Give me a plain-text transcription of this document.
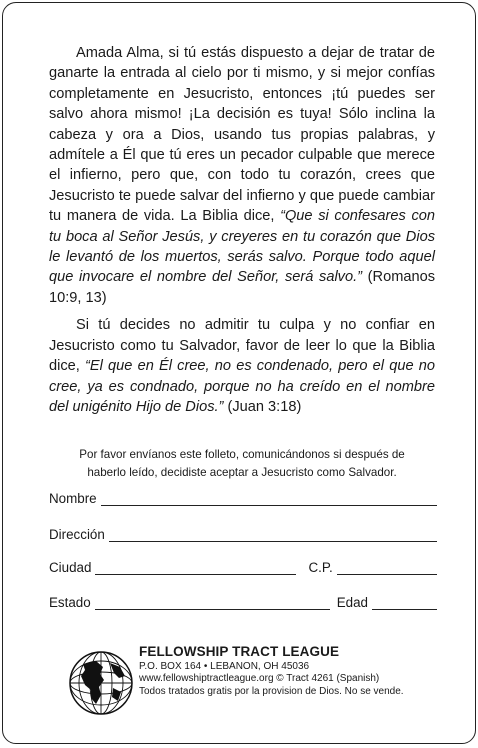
Amada Alma, si tú estás dispuesto a dejar de tratar de ganarte la entrada al cielo por ti mismo, y si mejor confías completamente en Jesucristo, entonces ¡tú puedes ser salvo ahora mismo! ¡La decisión es tuya! Sólo inclina la cabeza y ora a Dios, usando tus propias palabras, y admítele a Él que tú eres un pecador culpable que merece el infierno, pero que, con todo tu corazón, crees que Jesucristo te puede salvar del infierno y que puede cambiar tu manera de vida. La Biblia dice, “Que si confesares con tu boca al Señor Jesús, y creyeres en tu corazón que Dios le levantó de los muertos, serás salvo. Porque todo aquel que invocare el nombre del Señor, será salvo.” (Romanos 10:9, 13)

Si tú decides no admitir tu culpa y no confiar en Jesucristo como tu Salvador, favor de leer lo que la Biblia dice, “El que en Él cree, no es condenado, pero el que no cree, ya es condnado, porque no ha creído en el nombre del unigénito Hijo de Dios.” (Juan 3:18)

Por favor envíanos este folleto, comunicándonos si después de
haberlo leído, decidiste aceptar a Jesucristo como Salvador.
Nombre
Dirección
Ciudad	C.P.
Estado	Edad
FELLOWSHIP TRACT LEAGUE
P.O. BOX 164 • LEBANON, OH 45036
www.fellowshiptractleague.org © Tract 4261 (Spanish)
Todos tratados gratis por la provision de Dios. No se vende.
